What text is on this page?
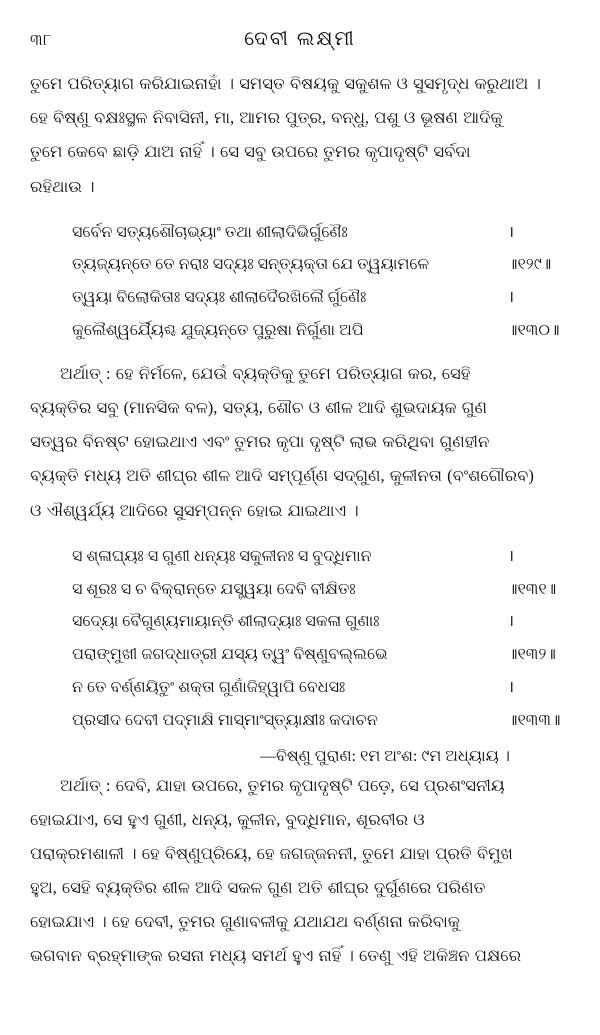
୩୮	ଦେବୀ ଲକ୍ଷ୍ମୀ

ତୁମେ ପରିତ୍ୟାଗ କରିଯାଇନାହାଁ । ସମସ୍ତ ବିଷୟକୁ ସକୁଶଳ ଓ ସୁସମୃଦ୍ଧ କରୁଥାଅ ।

ହେ ବିଷ୍ଣୁ ବକ୍ଷଃସ୍ଥଳ ନିବାସିନୀ, ମା, ଆମର ପୁତ୍ର, ବନ୍ଧୁ, ପଶୁ ଓ ଭୂଷଣ ଆଦିକୁ

ତୁମେ କେବେ ଛାଡ଼ି ଯାଅ ନାହିଁ । ସେ ସବୁ ଉପରେ ତୁମର କୃପାଦୃଷ୍ଟି ସର୍ବଦା

ରହିଥାଉ ।

ସର୍ବେନ ସତ୍ୟଶୌଚାଭ୍ୟାଂ ତଥା ଶୀଲାଦିଭିର୍ଗୁଣୈଃ	।
ତ୍ୟଜ୍ୟନ୍ତେ ତେ ନରାଃ ସଦ୍ୟଃ ସନ୍ତ୍ୟକ୍ତା ଯେ ତ୍ୱୟାମଳେ	॥୧୨୯॥
ତ୍ୱୟା ବିଲୋକିତାଃ ସଦ୍ୟଃ ଶୀଲାଦୈରଖିଲୈ ର୍ଗୁଣୈଃ	।
କୁଲୈଶ୍ୱର୍ଯ୍ୟୈଶ୍ଚ ଯୁଜ୍ୟନ୍ତେ ପୁରୁଷା ନିର୍ଗୁଣା ଅପି	॥୧୩୦॥

ଅର୍ଥାତ୍ : ହେ ନିର୍ମଳେ, ଯେଉଁ ବ୍ୟକ୍ତିକୁ ତୁମେ ପରିତ୍ୟାଗ କର, ସେହି

ବ୍ୟକ୍ତିର ସବୁ (ମାନସିକ ବଳ), ସତ୍ୟ, ଶୌଚ ଓ ଶୀଳ ଆଦି ଶୁଭଦାୟକ ଗୁଣ

ସତ୍ୱର ବିନଷ୍ଟ ହୋଇଥାଏ ଏବଂ ତୁମର କୃପା ଦୃଷ୍ଟି ଲାଭ କରିଥିବା ଗୁଣହୀନ

ବ୍ୟକ୍ତି ମଧ୍ୟ ଅତି ଶୀଘ୍ର ଶୀଳ ଆଦି ସମ୍ପୂର୍ଣ୍ଣ ସଦ୍‌ଗୁଣ, କୁଳୀନତା (ବଂଶଗୌରବ)

ଓ ଐଶ୍ୱର୍ଯ୍ୟ ଆଦିରେ ସୁସମ୍ପନ୍ନ ହୋଇ ଯାଇଥାଏ ।

ସ ଶ୍ଳାଘ୍ୟଃ ସ ଗୁଣୀ ଧନ୍ୟଃ ସକୁଳୀନଃ ସ ବୁଦ୍ଧିମାନ	।
ସ ଶୂରଃ ସ ଚ ବିକ୍ରାନ୍ତେ ଯସ୍ତ୍ୱୟା ଦେବି ବୀକ୍ଷିତଃ	॥୧୩୧॥
ସଦ୍ୟୋ ବୈଗୁଣ୍ୟମାୟାନ୍ତି ଶୀଲାଦ୍ୟାଃ ସକଳା ଗୁଣାଃ	।
ପରାଙ୍ମୁଖୀ ଜଗଦ୍ଧାତ୍ରୀ ଯସ୍ୟ ତ୍ୱଂ ବିଷ୍ଣୁବଲ୍ଲଭେ	॥୧୩୨॥
ନ ତେ ବର୍ଣ୍ଣୟିତୁଂ ଶକ୍ତା ଗୁଣାଁଜିହ୍ୱାପି ବେଧସଃ	।
ପ୍ରସୀଦ ଦେବୀ ପଦ୍ମାକ୍ଷି ମାସ୍ମାଂସ୍ତ୍ୟାକ୍ଷୀଃ କଦାଚନ	॥୧୩୩॥
—ବିଷ୍ଣୁ ପୁରାଣ: ୧ମ ଅଂଶ: ୯ମ ଅଧ୍ୟାୟ ।

ଅର୍ଥାତ୍ : ଦେବି, ଯାହା ଉପରେ, ତୁମର କୃପାଦୃଷ୍ଟି ପଡ଼େ, ସେ ପ୍ରଶଂସନୀୟ

ହୋଇଯାଏ, ସେ ହୁଏ ଗୁଣୀ, ଧନ୍ୟ, କୁଳୀନ, ବୁଦ୍ଧିମାନ, ଶୂରବୀର ଓ

ପରାକ୍ରମଶାଳୀ । ହେ ବିଷ୍ଣୁପ୍ରିୟେ, ହେ ଜଗଜ୍ଜନନୀ, ତୁମେ ଯାହା ପ୍ରତି ବିମୁଖ

ହୁଅ, ସେହି ବ୍ୟକ୍ତିର ଶୀଳ ଆଦି ସକଳ ଗୁଣ ଅତି ଶୀଘ୍ର ଦୁର୍ଗୁଣରେ ପରିଣତ

ହୋଇଯାଏ । ହେ ଦେବୀ, ତୁମର ଗୁଣାବଳୀକୁ ଯଥାଯଥ ବର୍ଣ୍ଣନା କରିବାକୁ

ଭଗବାନ ବ୍ରହ୍ମାଙ୍କ ରସନା ମଧ୍ୟ ସମର୍ଥ ହୁଏ ନାହିଁ । ତେଣୁ ଏହି ଅକିଞ୍ଚନ ପକ୍ଷରେ
